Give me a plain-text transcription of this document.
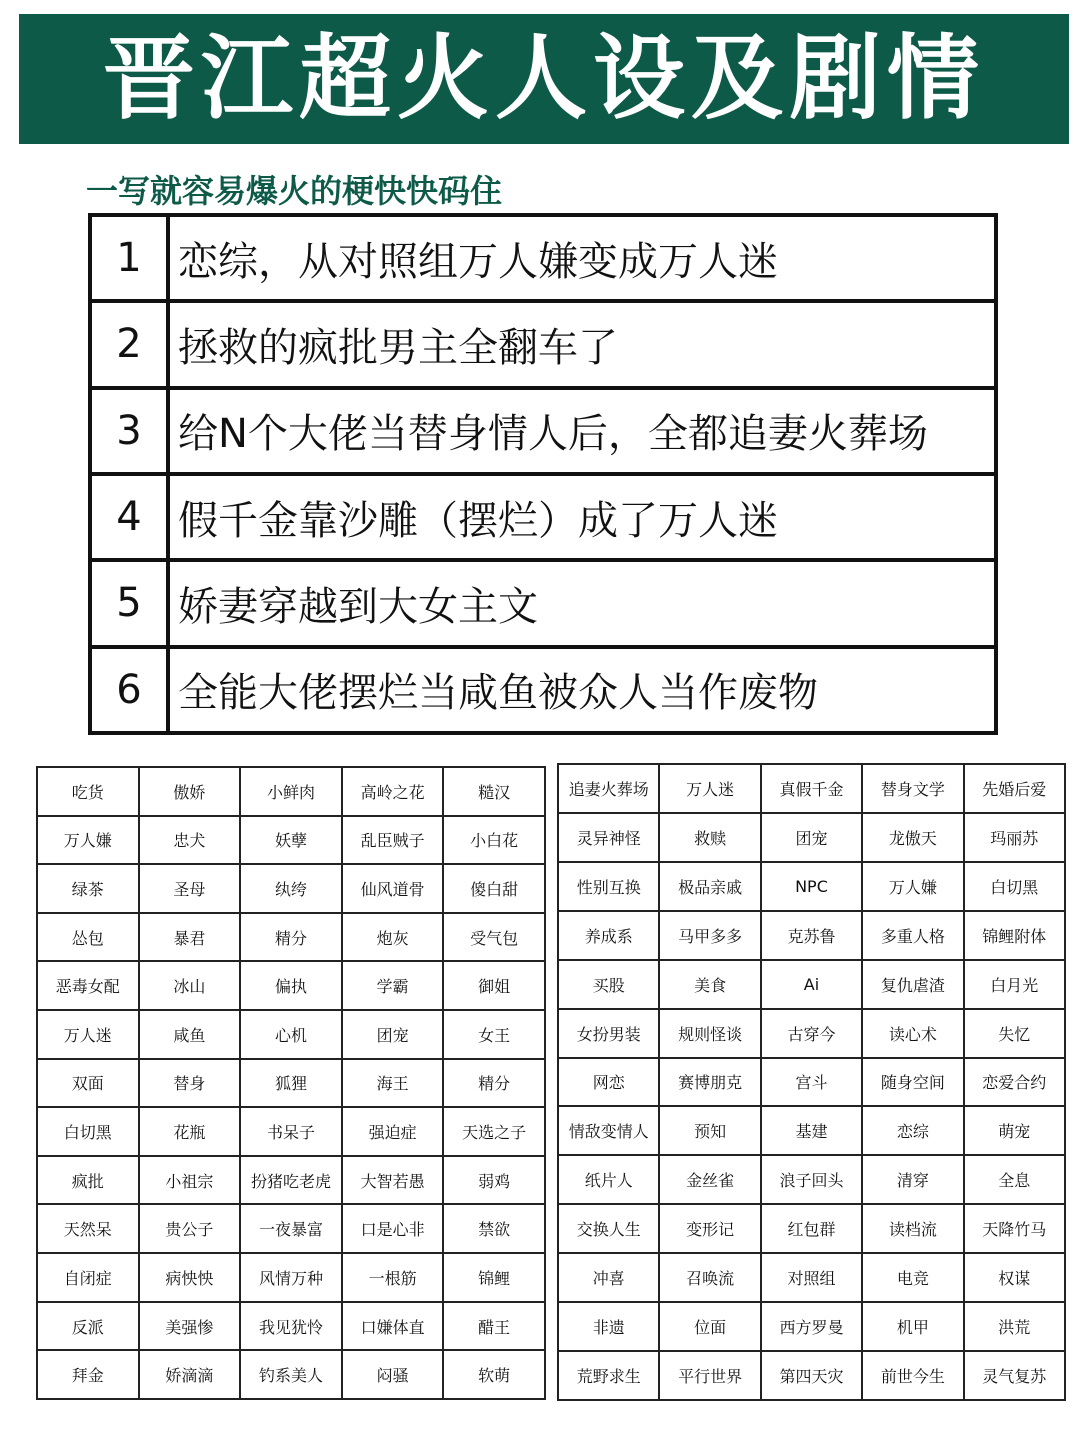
晋江超火人设及剧情
一写就容易爆火的梗快快码住
1	恋综，从对照组万人嫌变成万人迷
2	拯救的疯批男主全翻车了
3	给N个大佬当替身情人后，全都追妻火葬场
4	假千金靠沙雕（摆烂）成了万人迷
5	娇妻穿越到大女主文
6	全能大佬摆烂当咸鱼被众人当作废物
吃货	傲娇	小鲜肉	高岭之花	糙汉
万人嫌	忠犬	妖孽	乱臣贼子	小白花
绿茶	圣母	纨绔	仙风道骨	傻白甜
怂包	暴君	精分	炮灰	受气包
恶毒女配	冰山	偏执	学霸	御姐
万人迷	咸鱼	心机	团宠	女王
双面	替身	狐狸	海王	精分
白切黑	花瓶	书呆子	强迫症	天选之子
疯批	小祖宗	扮猪吃老虎	大智若愚	弱鸡
天然呆	贵公子	一夜暴富	口是心非	禁欲
自闭症	病怏怏	风情万种	一根筋	锦鲤
反派	美强惨	我见犹怜	口嫌体直	醋王
拜金	娇滴滴	钓系美人	闷骚	软萌
追妻火葬场	万人迷	真假千金	替身文学	先婚后爱
灵异神怪	救赎	团宠	龙傲天	玛丽苏
性别互换	极品亲戚	NPC	万人嫌	白切黑
养成系	马甲多多	克苏鲁	多重人格	锦鲤附体
买股	美食	Ai	复仇虐渣	白月光
女扮男装	规则怪谈	古穿今	读心术	失忆
网恋	赛博朋克	宫斗	随身空间	恋爱合约
情敌变情人	预知	基建	恋综	萌宠
纸片人	金丝雀	浪子回头	清穿	全息
交换人生	变形记	红包群	读档流	天降竹马
冲喜	召唤流	对照组	电竞	权谋
非遗	位面	西方罗曼	机甲	洪荒
荒野求生	平行世界	第四天灾	前世今生	灵气复苏
